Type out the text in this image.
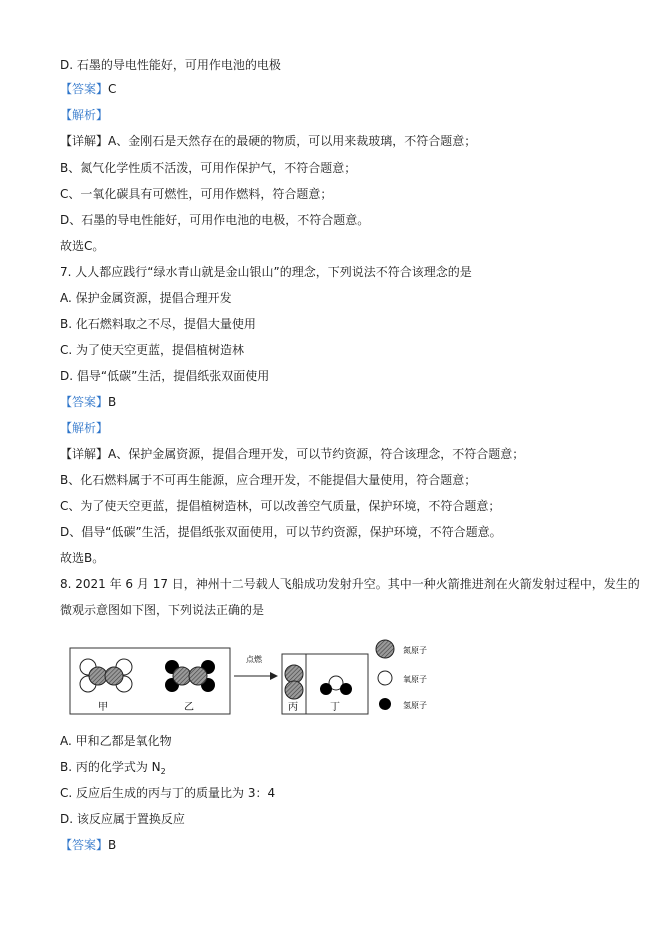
D. 石墨的导电性能好，可用作电池的电极
【答案】C
【解析】
【详解】A、金刚石是天然存在的最硬的物质，可以用来裁玻璃，不符合题意；
B、氮气化学性质不活泼，可用作保护气，不符合题意；
C、一氧化碳具有可燃性，可用作燃料，符合题意；
D、石墨的导电性能好，可用作电池的电极，不符合题意。
故选C。
7. 人人都应践行“绿水青山就是金山银山”的理念，下列说法不符合该理念的是
A. 保护金属资源，提倡合理开发
B. 化石燃料取之不尽，提倡大量使用
C. 为了使天空更蓝，提倡植树造林
D. 倡导“低碳”生活，提倡纸张双面使用
【答案】B
【解析】
【详解】A、保护金属资源，提倡合理开发，可以节约资源，符合该理念，不符合题意；
B、化石燃料属于不可再生能源，应合理开发，不能提倡大量使用，符合题意；
C、为了使天空更蓝，提倡植树造林，可以改善空气质量，保护环境，不符合题意；
D、倡导“低碳”生活，提倡纸张双面使用，可以节约资源，保护环境，不符合题意。
故选B。
8. 2021 年 6 月 17 日，神州十二号载人飞船成功发射升空。其中一种火箭推进剂在火箭发射过程中，发生的
微观示意图如下图，下列说法正确的是
甲	乙
点燃
丙	丁
氮原子
氧原子
氢原子
A. 甲和乙都是氧化物
B. 丙的化学式为 $N_2$
C. 反应后生成的丙与丁的质量比为 3：4
D. 该反应属于置换反应
【答案】B
